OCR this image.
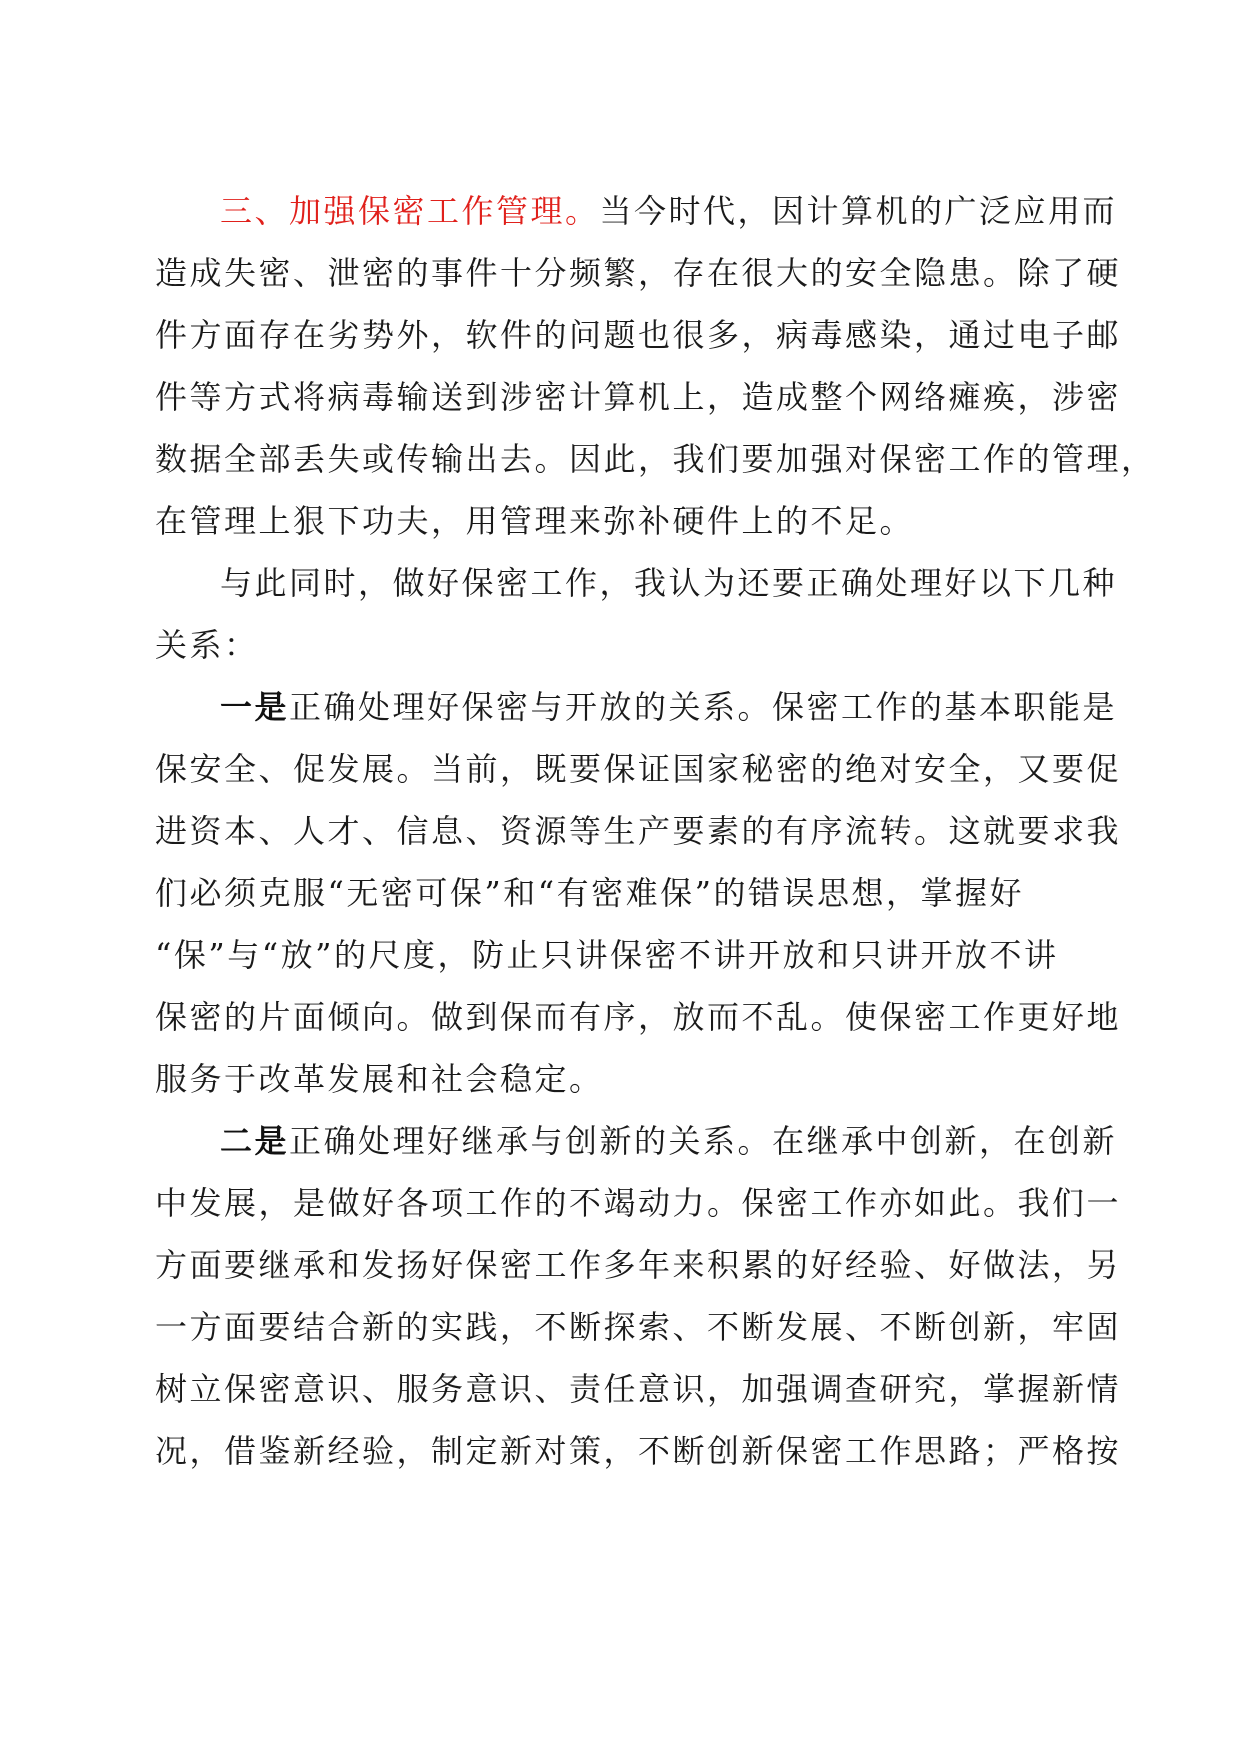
三、加强保密工作管理。当今时代，因计算机的广泛应用而
造成失密、泄密的事件十分频繁，存在很大的安全隐患。除了硬
件方面存在劣势外，软件的问题也很多，病毒感染，通过电子邮
件等方式将病毒输送到涉密计算机上，造成整个网络瘫痪，涉密
数据全部丢失或传输出去。因此，我们要加强对保密工作的管理，
在管理上狠下功夫，用管理来弥补硬件上的不足。
与此同时，做好保密工作，我认为还要正确处理好以下几种
关系：
一是正确处理好保密与开放的关系。保密工作的基本职能是
保安全、促发展。当前，既要保证国家秘密的绝对安全，又要促
进资本、人才、信息、资源等生产要素的有序流转。这就要求我
们必须克服“无密可保”和“有密难保”的错误思想，掌握好
“保”与“放”的尺度，防止只讲保密不讲开放和只讲开放不讲
保密的片面倾向。做到保而有序，放而不乱。使保密工作更好地
服务于改革发展和社会稳定。
二是正确处理好继承与创新的关系。在继承中创新，在创新
中发展，是做好各项工作的不竭动力。保密工作亦如此。我们一
方面要继承和发扬好保密工作多年来积累的好经验、好做法，另
一方面要结合新的实践，不断探索、不断发展、不断创新，牢固
树立保密意识、服务意识、责任意识，加强调查研究，掌握新情
况，借鉴新经验，制定新对策，不断创新保密工作思路；严格按
